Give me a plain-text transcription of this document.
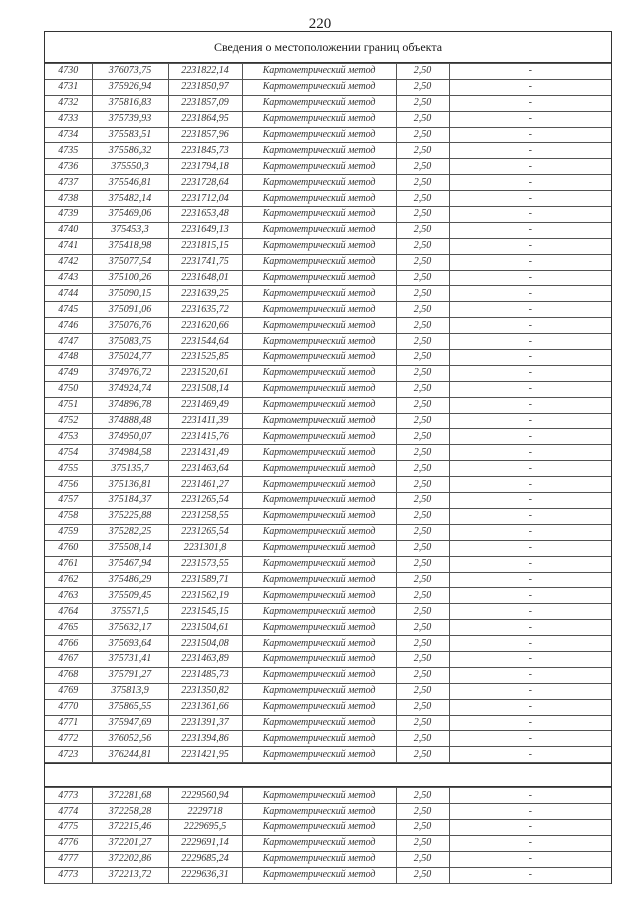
220
Сведения о местоположении границ объекта
4730	376073,75	2231822,14	Картометрический метод	2,50	-
4731	375926,94	2231850,97	Картометрический метод	2,50	-
4732	375816,83	2231857,09	Картометрический метод	2,50	-
4733	375739,93	2231864,95	Картометрический метод	2,50	-
4734	375583,51	2231857,96	Картометрический метод	2,50	-
4735	375586,32	2231845,73	Картометрический метод	2,50	-
4736	375550,3	2231794,18	Картометрический метод	2,50	-
4737	375546,81	2231728,64	Картометрический метод	2,50	-
4738	375482,14	2231712,04	Картометрический метод	2,50	-
4739	375469,06	2231653,48	Картометрический метод	2,50	-
4740	375453,3	2231649,13	Картометрический метод	2,50	-
4741	375418,98	2231815,15	Картометрический метод	2,50	-
4742	375077,54	2231741,75	Картометрический метод	2,50	-
4743	375100,26	2231648,01	Картометрический метод	2,50	-
4744	375090,15	2231639,25	Картометрический метод	2,50	-
4745	375091,06	2231635,72	Картометрический метод	2,50	-
4746	375076,76	2231620,66	Картометрический метод	2,50	-
4747	375083,75	2231544,64	Картометрический метод	2,50	-
4748	375024,77	2231525,85	Картометрический метод	2,50	-
4749	374976,72	2231520,61	Картометрический метод	2,50	-
4750	374924,74	2231508,14	Картометрический метод	2,50	-
4751	374896,78	2231469,49	Картометрический метод	2,50	-
4752	374888,48	2231411,39	Картометрический метод	2,50	-
4753	374950,07	2231415,76	Картометрический метод	2,50	-
4754	374984,58	2231431,49	Картометрический метод	2,50	-
4755	375135,7	2231463,64	Картометрический метод	2,50	-
4756	375136,81	2231461,27	Картометрический метод	2,50	-
4757	375184,37	2231265,54	Картометрический метод	2,50	-
4758	375225,88	2231258,55	Картометрический метод	2,50	-
4759	375282,25	2231265,54	Картометрический метод	2,50	-
4760	375508,14	2231301,8	Картометрический метод	2,50	-
4761	375467,94	2231573,55	Картометрический метод	2,50	-
4762	375486,29	2231589,71	Картометрический метод	2,50	-
4763	375509,45	2231562,19	Картометрический метод	2,50	-
4764	375571,5	2231545,15	Картометрический метод	2,50	-
4765	375632,17	2231504,61	Картометрический метод	2,50	-
4766	375693,64	2231504,08	Картометрический метод	2,50	-
4767	375731,41	2231463,89	Картометрический метод	2,50	-
4768	375791,27	2231485,73	Картометрический метод	2,50	-
4769	375813,9	2231350,82	Картометрический метод	2,50	-
4770	375865,55	2231361,66	Картометрический метод	2,50	-
4771	375947,69	2231391,37	Картометрический метод	2,50	-
4772	376052,56	2231394,86	Картометрический метод	2,50	-
4723	376244,81	2231421,95	Картометрический метод	2,50	-
4773	372281,68	2229560,94	Картометрический метод	2,50	-
4774	372258,28	2229718	Картометрический метод	2,50	-
4775	372215,46	2229695,5	Картометрический метод	2,50	-
4776	372201,27	2229691,14	Картометрический метод	2,50	-
4777	372202,86	2229685,24	Картометрический метод	2,50	-
4773	372213,72	2229636,31	Картометрический метод	2,50	-
